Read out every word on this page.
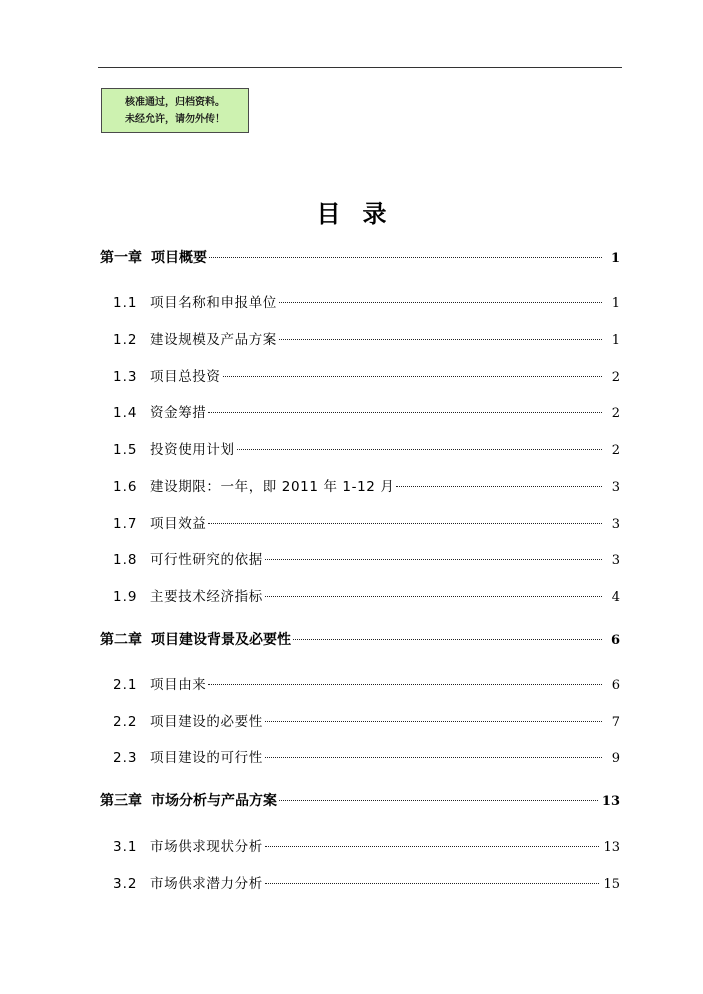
核准通过，归档资料。
未经允许，请勿外传！
目录
第一章 项目概要	1
1.1 项目名称和申报单位	1
1.2 建设规模及产品方案	1
1.3 项目总投资	2
1.4 资金筹措	2
1.5 投资使用计划	2
1.6 建设期限：一年，即 2011 年 1-12 月	3
1.7 项目效益	3
1.8 可行性研究的依据	3
1.9 主要技术经济指标	4
第二章 项目建设背景及必要性	6
2.1 项目由来	6
2.2 项目建设的必要性	7
2.3 项目建设的可行性	9
第三章 市场分析与产品方案	13
3.1 市场供求现状分析	13
3.2 市场供求潜力分析	15
